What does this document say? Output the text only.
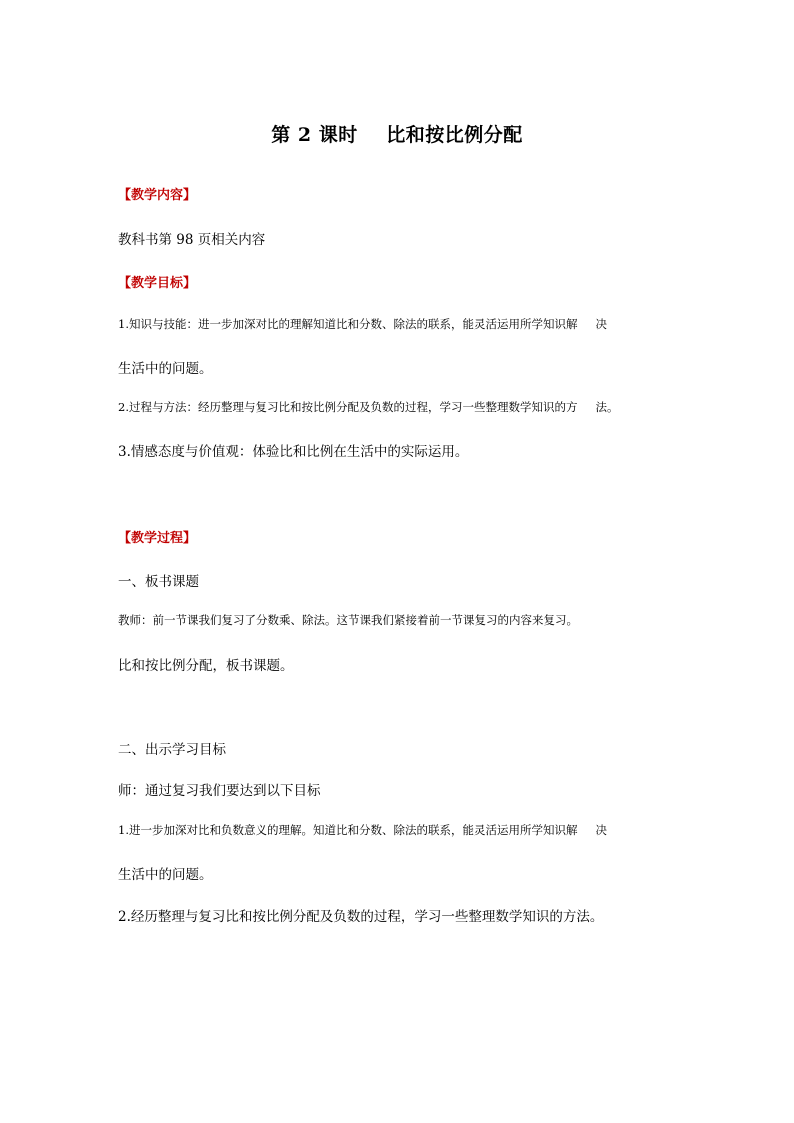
第 2 课时    比和按比例分配
【教学内容】
教科书第 98 页相关内容
【教学目标】
1.知识与技能：进一步加深对比的理解知道比和分数、除法的联系，能灵活运用所学知识解 决
生活中的问题。
2.过程与方法：经历整理与复习比和按比例分配及负数的过程，学习一些整理数学知识的方 法。
3.情感态度与价值观：体验比和比例在生活中的实际运用。
【教学过程】
一、板书课题
教师：前一节课我们复习了分数乘、除法。这节课我们紧接着前一节课复习的内容来复习。
比和按比例分配，板书课题。
二、出示学习目标
师：通过复习我们要达到以下目标
1.进一步加深对比和负数意义的理解。知道比和分数、除法的联系，能灵活运用所学知识解 决
生活中的问题。
2.经历整理与复习比和按比例分配及负数的过程，学习一些整理数学知识的方法。
